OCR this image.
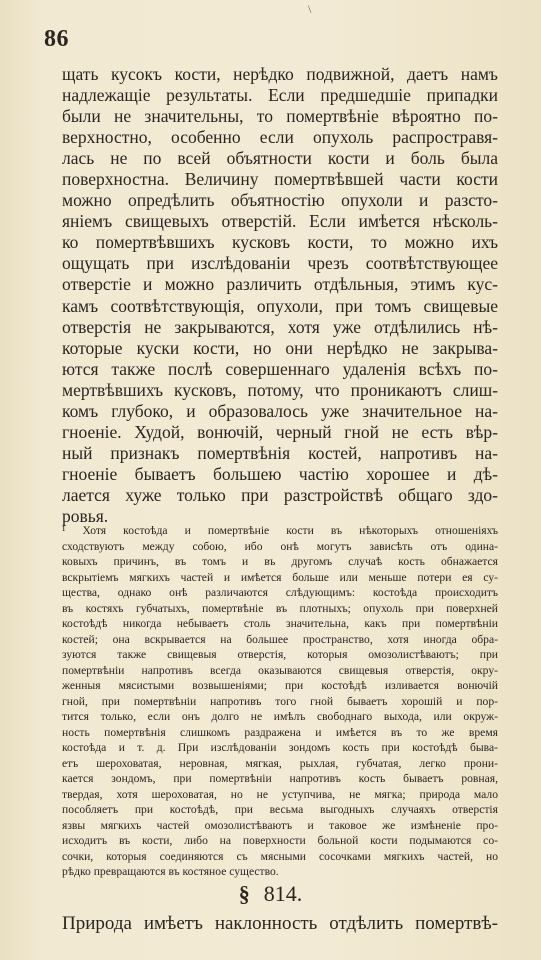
\
86
щать кусокъ кости, нерѣдко подвижной, даетъ намъ
надлежащіе результаты. Если предшедшіе припадки
были не значительны, то помертвѣніе вѣроятно по-
верхностно, особенно если опухоль распростравя-
лась не по всей объятности кости и боль была
поверхностна. Величину помертвѣвшей части кости
можно опредѣлить объятностію опухоли и разсто-
яніемъ свищевыхъ отверстій. Если имѣется нѣсколь-
ко помертвѣвшихъ кусковъ кости, то можно ихъ
ощущать при изслѣдованіи чрезъ соотвѣтствующее
отверстіе и можно различить отдѣльныя, этимъ кус-
камъ соотвѣтствующія, опухоли, при томъ свищевые
отверстія не закрываются, хотя уже отдѣлились нѣ-
которые куски кости, но они нерѣдко не закрыва-
ются также послѣ совершеннаго удаленія всѣхъ по-
мертвѣвшихъ кусковъ, потому, что проникаютъ слиш-
комъ глубоко, и образовалось уже значительное на-
гноеніе. Худой, вонючій, черный гной не есть вѣр-
ный признакъ помертвѣнія костей, напротивъ на-
гноеніе бываетъ большею частію хорошее и дѣ-
лается хуже только при разстройствѣ общаго здо-
ровья.
¹ Хотя костоѣда и помертвѣніе кости въ нѣкоторыхъ отношеніяхъ
сходствуютъ между собою, ибо онѣ могутъ зависѣть отъ одина-
ковыхъ причинъ, въ томъ и въ другомъ случаѣ кость обнажается
вскрытіемъ мягкихъ частей и имѣется больше или меньше потери ея су-
щества, однако онѣ различаются слѣдующимъ: костоѣда происходитъ
въ костяхъ губчатыхъ, помертвѣніе въ плотныхъ; опухоль при поверхней
костоѣдѣ никогда небываетъ столь значительна, какъ при помертвѣніи
костей; она вскрывается на большее пространство, хотя иногда обра-
зуются также свищевыя отверстія, которыя омозолистѣваютъ; при
помертвѣніи напротивъ всегда оказываются свищевыя отверстія, окру-
женныя мясистыми возвышеніями; при костоѣдѣ изливается вонючій
гной, при помертвѣніи напротивъ того гной бываетъ хорошій и пор-
тится только, если онъ долго не имѣлъ свободнаго выхода, или окруж-
ность помертвѣнія слишкомъ раздражена и имѣется въ то же время
костоѣда и т. д. При изслѣдованіи зондомъ кость при костоѣдѣ быва-
етъ шероховатая, неровная, мягкая, рыхлая, губчатая, легко прони-
кается зондомъ, при помертвѣніи напротивъ кость бываетъ ровная,
твердая, хотя шероховатая, но не уступчива, не мягка; природа мало
пособляетъ при костоѣдѣ, при весьма выгодныхъ случаяхъ отверстія
язвы мягкихъ частей омозолистѣваютъ и таковое же измѣненіе про-
исходитъ въ кости, либо на поверхности больной кости подымаются со-
сочки, которыя соединяются съ мясными сосочками мягкихъ частей, но
рѣдко превращаются въ костяное существо.
§ 814.
Природа имѣетъ наклонность отдѣлить помертвѣ-
